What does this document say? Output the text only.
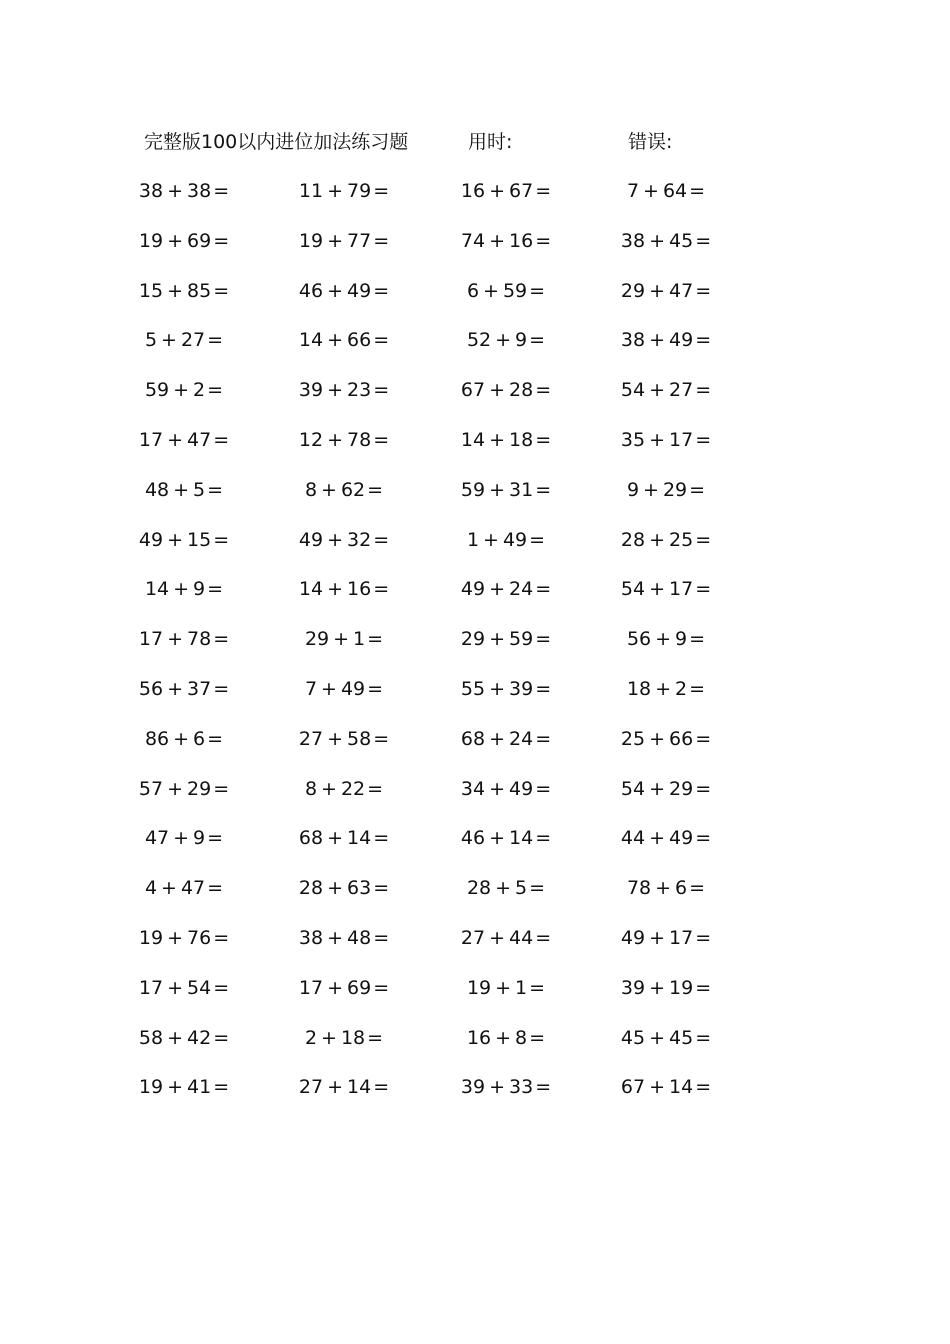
完整版100以内进位加法练习题	用时:	错误:
38 + 38 =	11 + 79 =	16 + 67 =	7 + 64 =
19 + 69 =	19 + 77 =	74 + 16 =	38 + 45 =
15 + 85 =	46 + 49 =	6 + 59 =	29 + 47 =
5 + 27 =	14 + 66 =	52 + 9 =	38 + 49 =
59 + 2 =	39 + 23 =	67 + 28 =	54 + 27 =
17 + 47 =	12 + 78 =	14 + 18 =	35 + 17 =
48 + 5 =	8 + 62 =	59 + 31 =	9 + 29 =
49 + 15 =	49 + 32 =	1 + 49 =	28 + 25 =
14 + 9 =	14 + 16 =	49 + 24 =	54 + 17 =
17 + 78 =	29 + 1 =	29 + 59 =	56 + 9 =
56 + 37 =	7 + 49 =	55 + 39 =	18 + 2 =
86 + 6 =	27 + 58 =	68 + 24 =	25 + 66 =
57 + 29 =	8 + 22 =	34 + 49 =	54 + 29 =
47 + 9 =	68 + 14 =	46 + 14 =	44 + 49 =
4 + 47 =	28 + 63 =	28 + 5 =	78 + 6 =
19 + 76 =	38 + 48 =	27 + 44 =	49 + 17 =
17 + 54 =	17 + 69 =	19 + 1 =	39 + 19 =
58 + 42 =	2 + 18 =	16 + 8 =	45 + 45 =
19 + 41 =	27 + 14 =	39 + 33 =	67 + 14 =
